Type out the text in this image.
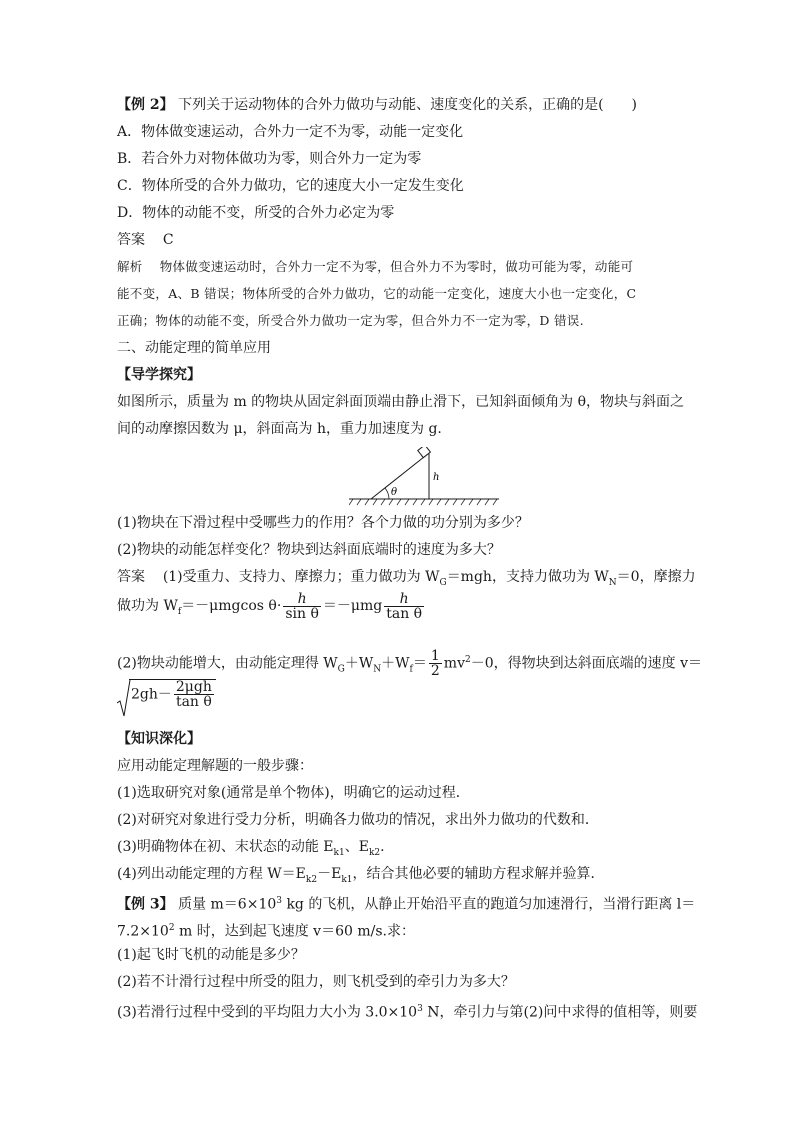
【例 2】 下列关于运动物体的合外力做功与动能、速度变化的关系，正确的是(　　)
A．物体做变速运动，合外力一定不为零，动能一定变化
B．若合外力对物体做功为零，则合外力一定为零
C．物体所受的合外力做功，它的速度大小一定发生变化
D．物体的动能不变，所受的合外力必定为零
答案 C
解析 物体做变速运动时，合外力一定不为零，但合外力不为零时，做功可能为零，动能可
能不变，A、B 错误；物体所受的合外力做功，它的动能一定变化，速度大小也一定变化，C
正确；物体的动能不变，所受合外力做功一定为零，但合外力不一定为零，D 错误.
二、动能定理的简单应用
【导学探究】
如图所示，质量为 m 的物块从固定斜面顶端由静止滑下，已知斜面倾角为 θ，物块与斜面之
间的动摩擦因数为 μ，斜面高为 h，重力加速度为 g.
θ
h
(1)物块在下滑过程中受哪些力的作用？各个力做的功分别为多少？
(2)物块的动能怎样变化？物块到达斜面底端时的速度为多大？
答案 (1)受重力、支持力、摩擦力；重力做功为 $W_G=mgh$，支持力做功为 $W_N=0$，摩擦力
做功为 $W_f=-\mu mgcos$ $\theta\cdot \frac{h}{\text{sin θ}} =-\mu mg \frac{h}{\text{tan θ}}$
(2)物块动能增大，由动能定理得 $W_G+W_N+W_f= \frac{1}{2} mv^2-0$，得物块到达斜面底端的速度 v＝
$2gh- \frac{\text{2μgh}}{\text{tan θ}}$
【知识深化】
应用动能定理解题的一般步骤：
(1)选取研究对象(通常是单个物体)，明确它的运动过程．
(2)对研究对象进行受力分析，明确各力做功的情况，求出外力做功的代数和．
(3)明确物体在初、末状态的动能 $E_{k1}$、$E_{k2}$.
(4)列出动能定理的方程 $W=E_{k2}-E_{k1}$，结合其他必要的辅助方程求解并验算．
【例 3】 质量 $m=6\times 10^3$ kg 的飞机，从静止开始沿平直的跑道匀加速滑行，当滑行距离 l＝
$7.2\times 10^2$ m 时，达到起飞速度 v＝60 m/s.求：
(1)起飞时飞机的动能是多少？
(2)若不计滑行过程中所受的阻力，则飞机受到的牵引力为多大？
(3)若滑行过程中受到的平均阻力大小为 $3.0\times 10^3$ N，牵引力与第(2)问中求得的值相等，则要
